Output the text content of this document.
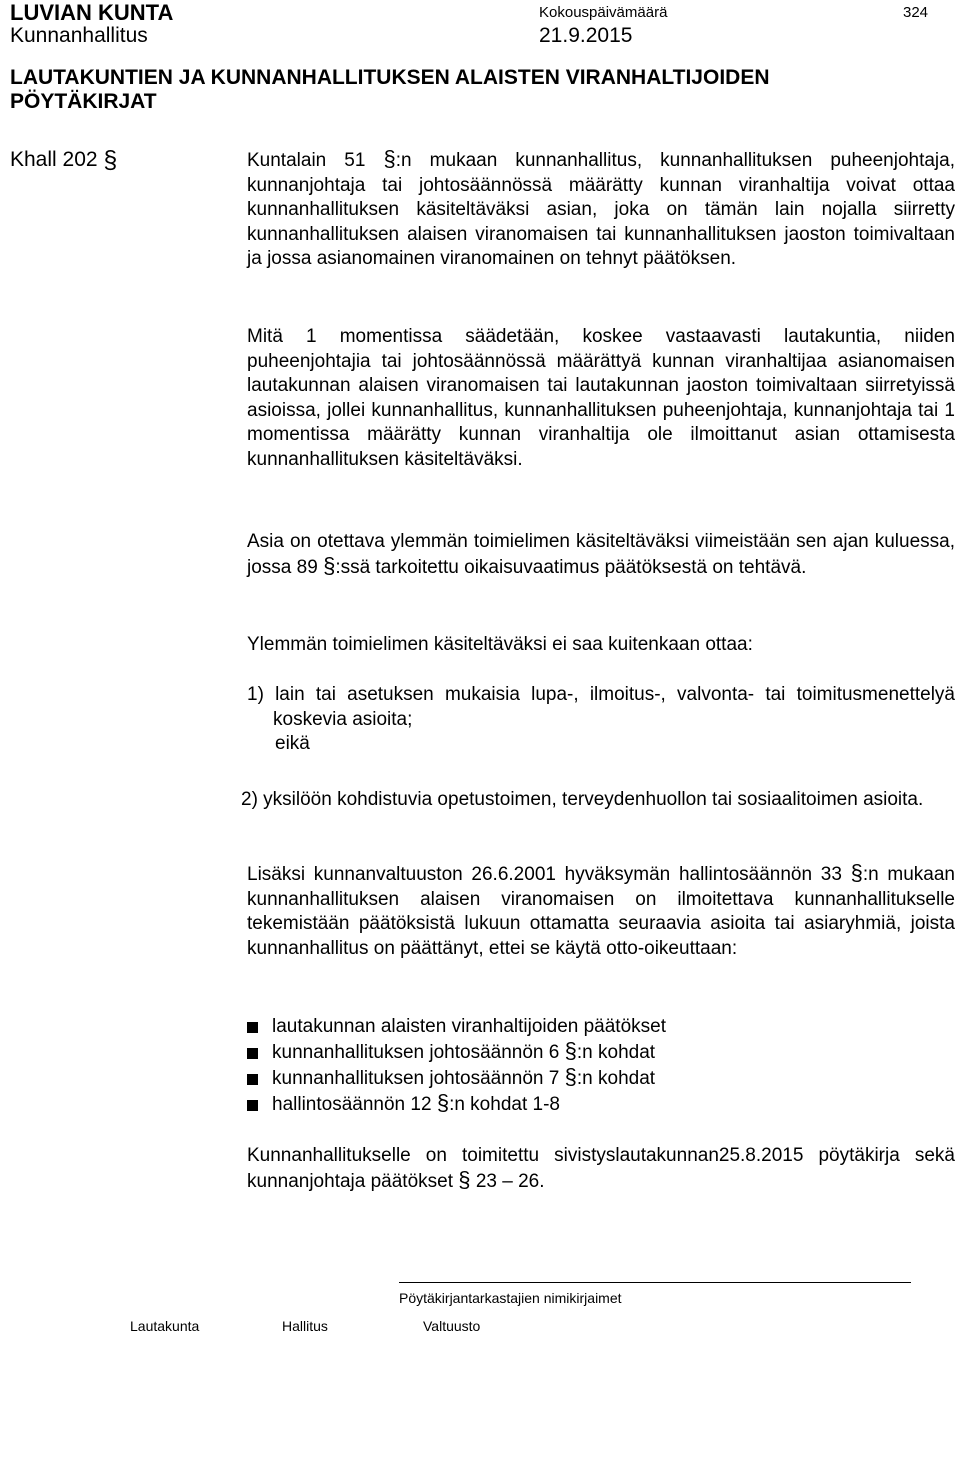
LUVIAN KUNTA
Kunnanhallitus
Kokouspäivämäärä
21.9.2015
324
LAUTAKUNTIEN JA KUNNANHALLITUKSEN ALAISTEN VIRANHALTIJOIDEN
PÖYTÄKIRJAT
Khall 202 §	Kuntalain 51 §:n mukaan kunnanhallitus, kunnanhallituksen puheenjohtaja, kunnanjohtaja tai johtosäännössä määrätty kunnan viranhaltija voivat ottaa kunnanhallituksen käsiteltäväksi asian, joka on tämän lain nojalla siirretty kunnanhallituksen alaisen viranomaisen tai kunnanhallituksen jaoston toimivaltaan ja jossa asianomainen viranomainen on tehnyt päätöksen.

Mitä 1 momentissa säädetään, koskee vastaavasti lautakuntia, niiden puheenjohtajia tai johtosäännössä määrättyä kunnan viranhaltijaa asianomaisen lautakunnan alaisen viranomaisen tai lautakunnan jaoston toimivaltaan siirretyissä asioissa, jollei kunnanhallitus, kunnanhallituksen puheenjohtaja, kunnanjohtaja tai 1 momentissa määrätty kunnan viranhaltija ole ilmoittanut asian ottamisesta kunnanhallituksen käsiteltäväksi.

Asia on otettava ylemmän toimielimen käsiteltäväksi viimeistään sen ajan kuluessa, jossa 89 §:ssä tarkoitettu oikaisuvaatimus päätöksestä on tehtävä.

Ylemmän toimielimen käsiteltäväksi ei saa kuitenkaan ottaa:

1) lain tai asetuksen mukaisia lupa-, ilmoitus-, valvonta- tai toimitusmenettelyä koskevia asioita;

eikä

2) yksilöön kohdistuvia opetustoimen, terveydenhuollon tai sosiaalitoimen asioita.

Lisäksi kunnanvaltuuston 26.6.2001 hyväksymän hallintosäännön 33 §:n mukaan kunnanhallituksen alaisen viranomaisen on ilmoitettava kunnanhallitukselle tekemistään päätöksistä lukuun ottamatta seuraavia asioita tai asiaryhmiä, joista kunnanhallitus on päättänyt, ettei se käytä otto-oikeuttaan:

lautakunnan alaisten viranhaltijoiden päätökset
kunnanhallituksen johtosäännön 6 §:n kohdat
kunnanhallituksen johtosäännön 7 §:n kohdat
hallintosäännön 12 §:n kohdat 1-8

Kunnanhallitukselle on toimitettu sivistyslautakunnan25.8.2015 pöytäkirja sekä kunnanjohtaja päätökset § 23 – 26.

Pöytäkirjantarkastajien nimikirjaimet
Lautakunta	Hallitus	Valtuusto
